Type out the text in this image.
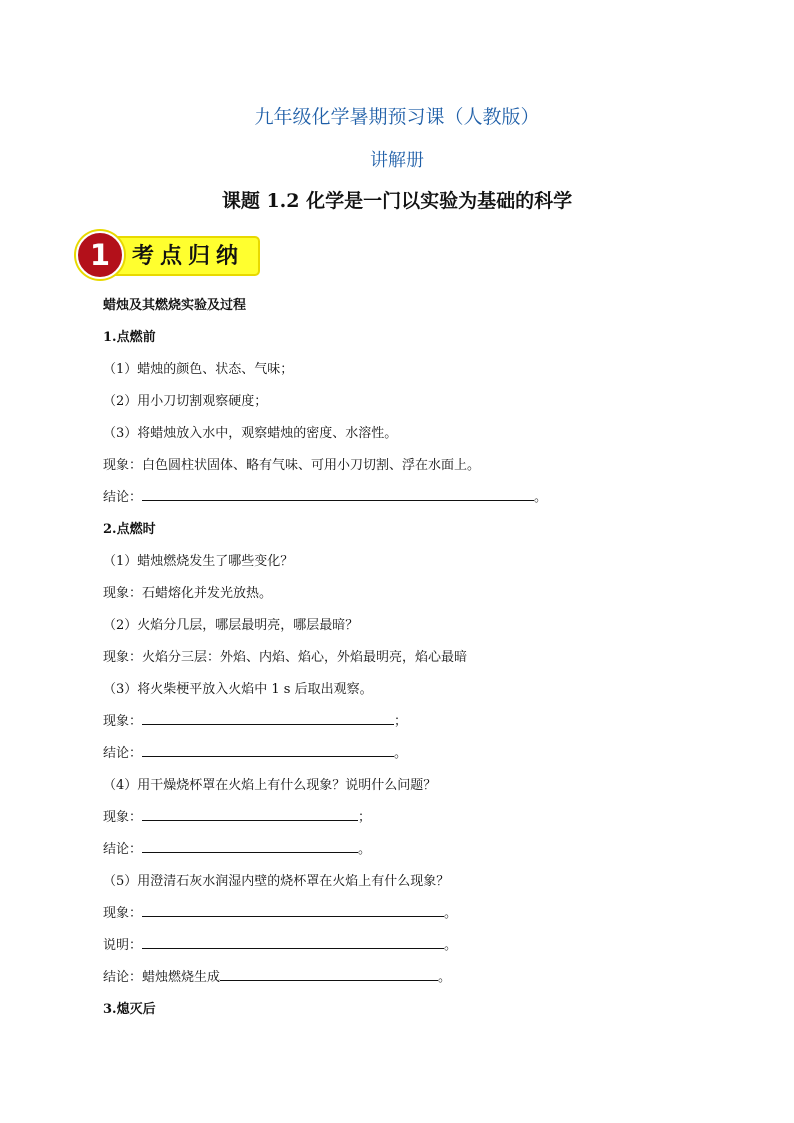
九年级化学暑期预习课（人教版）
讲解册
课题 1.2 化学是一门以实验为基础的科学
1 考点归纳
蜡烛及其燃烧实验及过程
1.点燃前
（1）蜡烛的颜色、状态、气味；
（2）用小刀切割观察硬度；
（3）将蜡烛放入水中，观察蜡烛的密度、水溶性。
现象：白色圆柱状固体、略有气味、可用小刀切割、浮在水面上。
结论：	。
2.点燃时
（1）蜡烛燃烧发生了哪些变化？
现象：石蜡熔化并发光放热。
（2）火焰分几层，哪层最明亮，哪层最暗？
现象：火焰分三层：外焰、内焰、焰心，外焰最明亮，焰心最暗
（3）将火柴梗平放入火焰中 1 s 后取出观察。
现象：	；
结论：	。
（4）用干燥烧杯罩在火焰上有什么现象？说明什么问题？
现象：	；
结论：	。
（5）用澄清石灰水润湿内壁的烧杯罩在火焰上有什么现象？
现象：	。
说明：	。
结论：蜡烛燃烧生成	。
3.熄灭后
